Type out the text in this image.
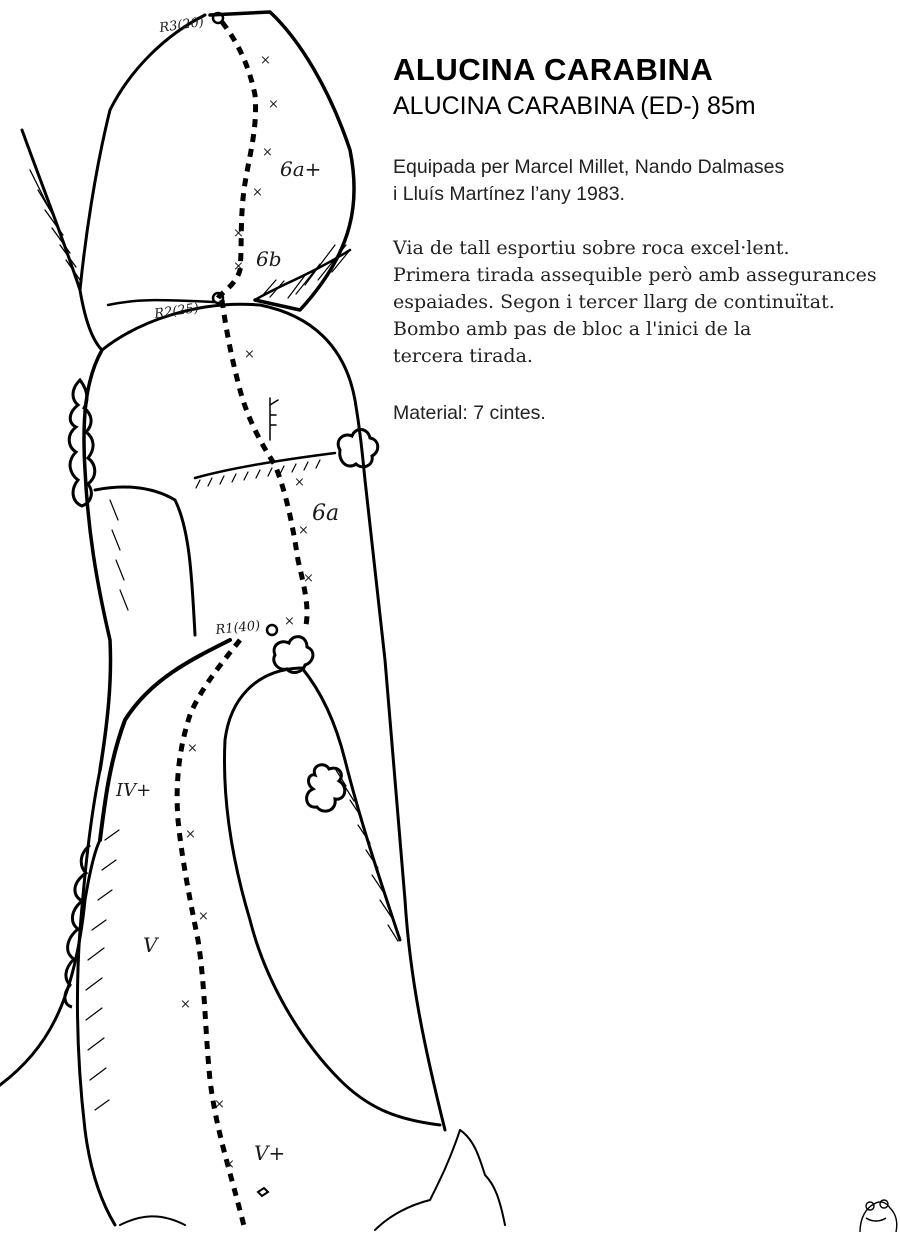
×
×
×
×
×
×
×
×
×
×
×
×
×
×
×
×
×
R3(20)
R2(25)
R1(40)
6a+
6b
6a
IV+
V
V+
ALUCINA CARABINA
ALUCINA CARABINA (ED-) 85m
Equipada per Marcel Millet, Nando Dalmases
i Lluís Martínez l’any 1983.
Via de tall esportiu sobre roca excel·lent.
Primera tirada assequible però amb assegurances
espaiades. Segon i tercer llarg de continuïtat.
Bombo amb pas de bloc a l'inici de la
tercera tirada.
Material: 7 cintes.
